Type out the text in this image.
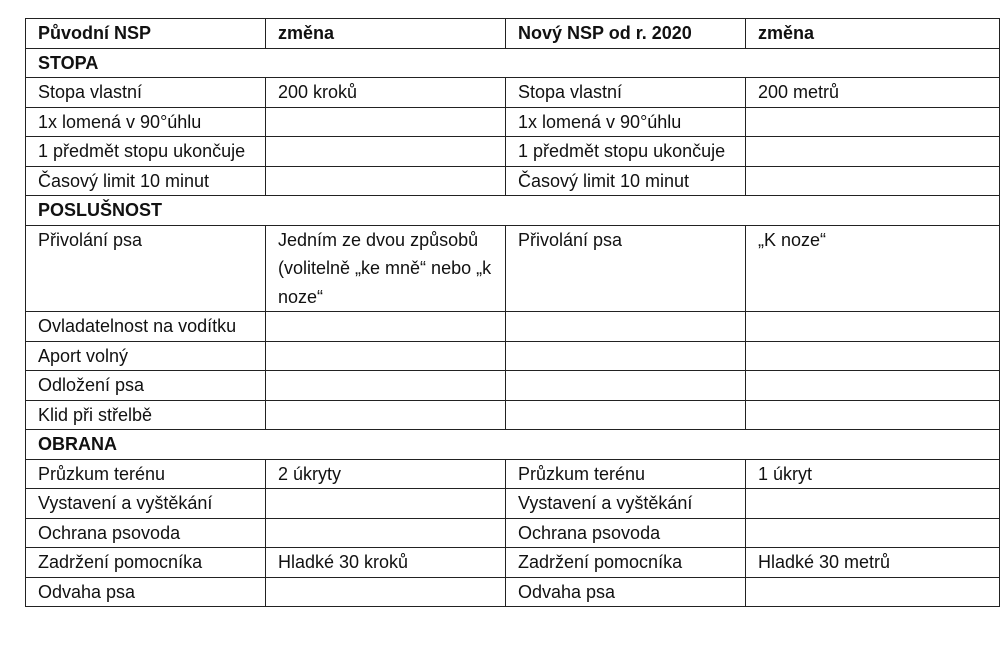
Původní NSP	změna	Nový NSP od r. 2020	změna
STOPA			
Stopa vlastní	200 kroků	Stopa vlastní	200 metrů
1x lomená v 90°úhlu		1x lomená v 90°úhlu	
1 předmět stopu ukončuje		1 předmět stopu ukončuje	
Časový limit 10 minut		Časový limit 10 minut	
POSLUŠNOST			
Přivolání psa	Jedním ze dvou způsobů (volitelně „ke mně“ nebo „k noze“	Přivolání psa	„K noze“
Ovladatelnost na vodítku			
Aport volný			
Odložení psa			
Klid při střelbě			
OBRANA			
Průzkum terénu	2 úkryty	Průzkum terénu	1 úkryt
Vystavení a vyštěkání		Vystavení a vyštěkání	
Ochrana psovoda		Ochrana psovoda	
Zadržení pomocníka	Hladké 30 kroků	Zadržení pomocníka	Hladké 30 metrů
Odvaha psa		Odvaha psa	
